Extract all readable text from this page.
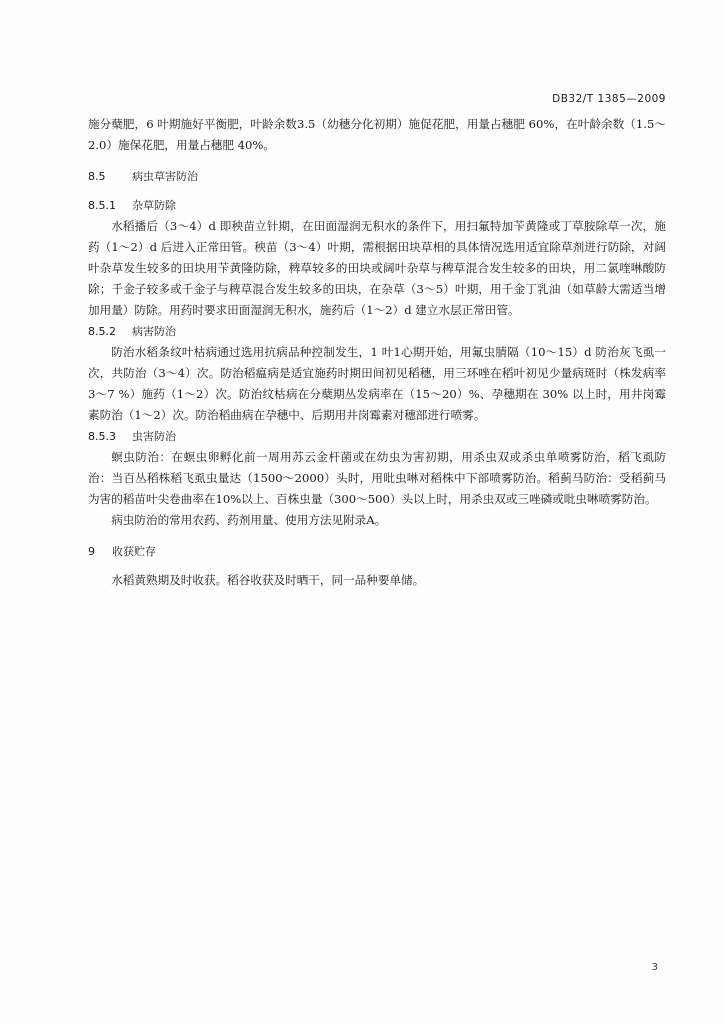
DB32/T 1385—2009

施分蘖肥，6 叶期施好平衡肥，叶龄余数3.5（幼穗分化初期）施促花肥，用量占穗肥 60%，在叶龄余数（1.5～2.0）施保花肥，用量占穗肥 40%。

8.5 病虫草害防治
8.5.1 杂草防除

水稻播后（3～4）d 即秧苗立针期，在田面湿润无积水的条件下，用扫氟特加苄黄隆或丁草胺除草一次，施药（1～2）d 后进入正常田管。秧苗（3～4）叶期，需根据田块草相的具体情况选用适宜除草剂进行防除，对阔叶杂草发生较多的田块用苄黄隆防除，稗草较多的田块或阔叶杂草与稗草混合发生较多的田块，用二氯喹啉酸防除；千金子较多或千金子与稗草混合发生较多的田块，在杂草（3～5）叶期，用千金丁乳油（如草龄大需适当增加用量）防除。用药时要求田面湿润无积水，施药后（1～2）d 建立水层正常田管。

8.5.2 病害防治

防治水稻条纹叶枯病通过选用抗病品种控制发生，1 叶1心期开始，用氟虫腈隔（10～15）d 防治灰飞虱一次，共防治（3～4）次。防治稻瘟病是适宜施药时期田间初见稻穗，用三环唑在稻叶初见少量病斑时（株发病率 3～7 %）施药（1～2）次。防治纹枯病在分蘖期丛发病率在（15～20）%、孕穗期在 30% 以上时，用井岗霉素防治（1～2）次。防治稻曲病在孕穗中、后期用井岗霉素对穗部进行喷雾。

8.5.3 虫害防治

螟虫防治：在螟虫卵孵化前一周用苏云金杆菌或在幼虫为害初期，用杀虫双或杀虫单喷雾防治，稻飞虱防治：当百丛稻株稻飞虱虫量达（1500～2000）头时，用吡虫啉对稻株中下部喷雾防治。稻蓟马防治：受稻蓟马为害的稻苗叶尖卷曲率在10%以上、百株虫量（300～500）头以上时，用杀虫双或三唑磷或吡虫啉喷雾防治。

病虫防治的常用农药、药剂用量、使用方法见附录A。

9 收获贮存

水稻黄熟期及时收获。稻谷收获及时晒干，同一品种要单储。

3
